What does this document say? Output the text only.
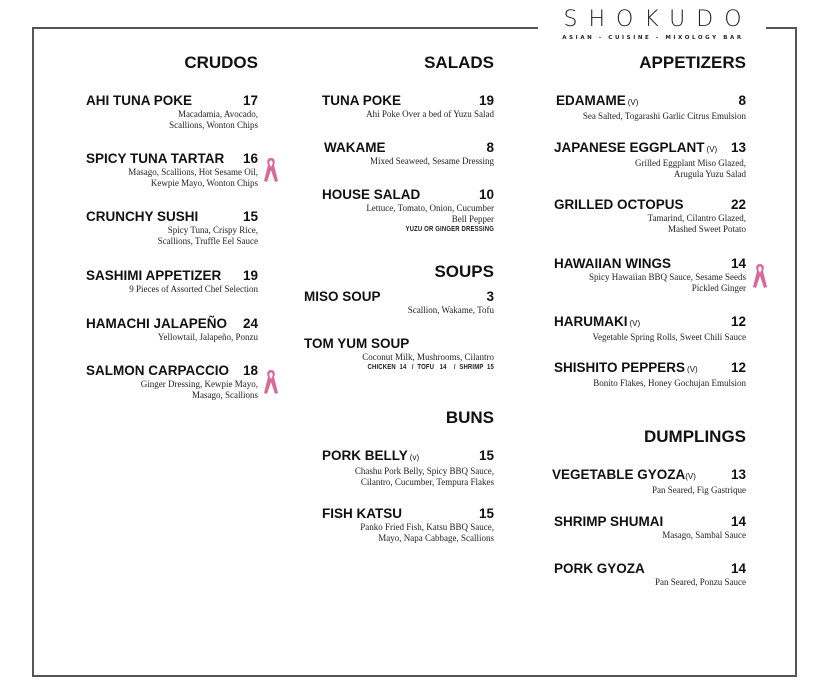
SHOKUDO
ASIAN - CUISINE - MIXOLOGY BAR
CRUDOS
AHI TUNA POKE	17
Macadamia, Avocado,
Scallions, Wonton Chips
SPICY TUNA TARTAR 16
Masago, Scallions, Hot Sesame Oil,
Kewpie Mayo, Wonton Chips
CRUNCHY SUSHI	15
Spicy Tuna, Crispy Rice,
Scallions, Truffle Eel Sauce
SASHIMI APPETIZER 19
9 Pieces of Assorted Chef Selection
HAMACHI JALAPEÑO 24
Yellowtail, Jalapeño, Ponzu
SALMON CARPACCIO 18
Ginger Dressing, Kewpie Mayo,
Masago, Scallions
SALADS
TUNA POKE	19
Ahi Poke Over a bed of Yuzu Salad
WAKAME	8
Mixed Seaweed, Sesame Dressing
HOUSE SALAD	10
Lettuce, Tomato, Onion, Cucumber
Bell Pepper
YUZU OR GINGER DRESSING
SOUPS
MISO SOUP	3
Scallion, Wakame, Tofu
TOM YUM SOUP
Coconut Milk, Mushrooms, Cilantro
CHICKEN  14   /  TOFU   14    /  SHRIMP  15
BUNS
PORK BELLY (v)	15
Chashu Pork Belly, Spicy BBQ Sauce,
Cilantro, Cucumber, Tempura Flakes
FISH KATSU	15
Panko Fried Fish, Katsu BBQ Sauce,
Mayo, Napa Cabbage, Scallions
APPETIZERS
EDAMAME (V)	8
Sea Salted, Togarashi Garlic Citrus Emulsion
JAPANESE EGGPLANT (V) 13
Grilled Eggplant Miso Glazed,
Arugula Yuzu Salad
GRILLED OCTOPUS	22
Tamarind, Cilantro Glazed,
Mashed Sweet Potato
HAWAIIAN WINGS	14
Spicy Hawaiian BBQ Sauce, Sesame Seeds
Pickled Ginger
HARUMAKI (V)	12
Vegetable Spring Rolls, Sweet Chili Sauce
SHISHITO PEPPERS (V) 12
Bonito Flakes, Honey Gochujan Emulsion
DUMPLINGS
VEGETABLE GYOZA(V)	13
Pan Seared, Fig Gastrique
SHRIMP SHUMAI	14
Masago, Sambal Sauce
PORK GYOZA	14
Pan Seared, Ponzu Sauce
